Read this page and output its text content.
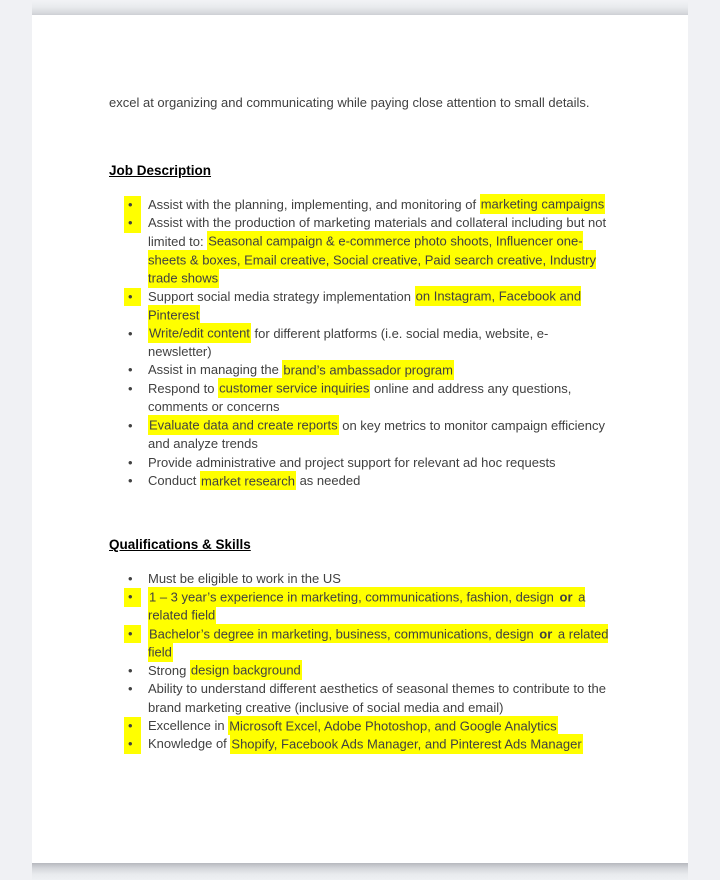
excel at organizing and communicating while paying close attention to small details.

Job Description
•	Assist with the planning, implementing, and monitoring of marketing campaigns
•	Assist with the production of marketing materials and collateral including but not limited to: Seasonal campaign & e-commerce photo shoots, Influencer one-sheets & boxes, Email creative, Social creative, Paid search creative, Industry trade shows
•	Support social media strategy implementation on Instagram, Facebook and Pinterest
•	Write/edit content for different platforms (i.e. social media, website, e-newsletter)
•	Assist in managing the brand’s ambassador program
•	Respond to customer service inquiries online and address any questions, comments or concerns
•	Evaluate data and create reports on key metrics to monitor campaign efficiency and analyze trends
•	Provide administrative and project support for relevant ad hoc requests
•	Conduct market research as needed
Qualifications & Skills
•	Must be eligible to work in the US
•	1 – 3 year’s experience in marketing, communications, fashion, design or a related field
•	Bachelor’s degree in marketing, business, communications, design or a related field
•	Strong design background
•	Ability to understand different aesthetics of seasonal themes to contribute to the brand marketing creative (inclusive of social media and email)
•	Excellence in Microsoft Excel, Adobe Photoshop, and Google Analytics
•	Knowledge of Shopify, Facebook Ads Manager, and Pinterest Ads Manager
